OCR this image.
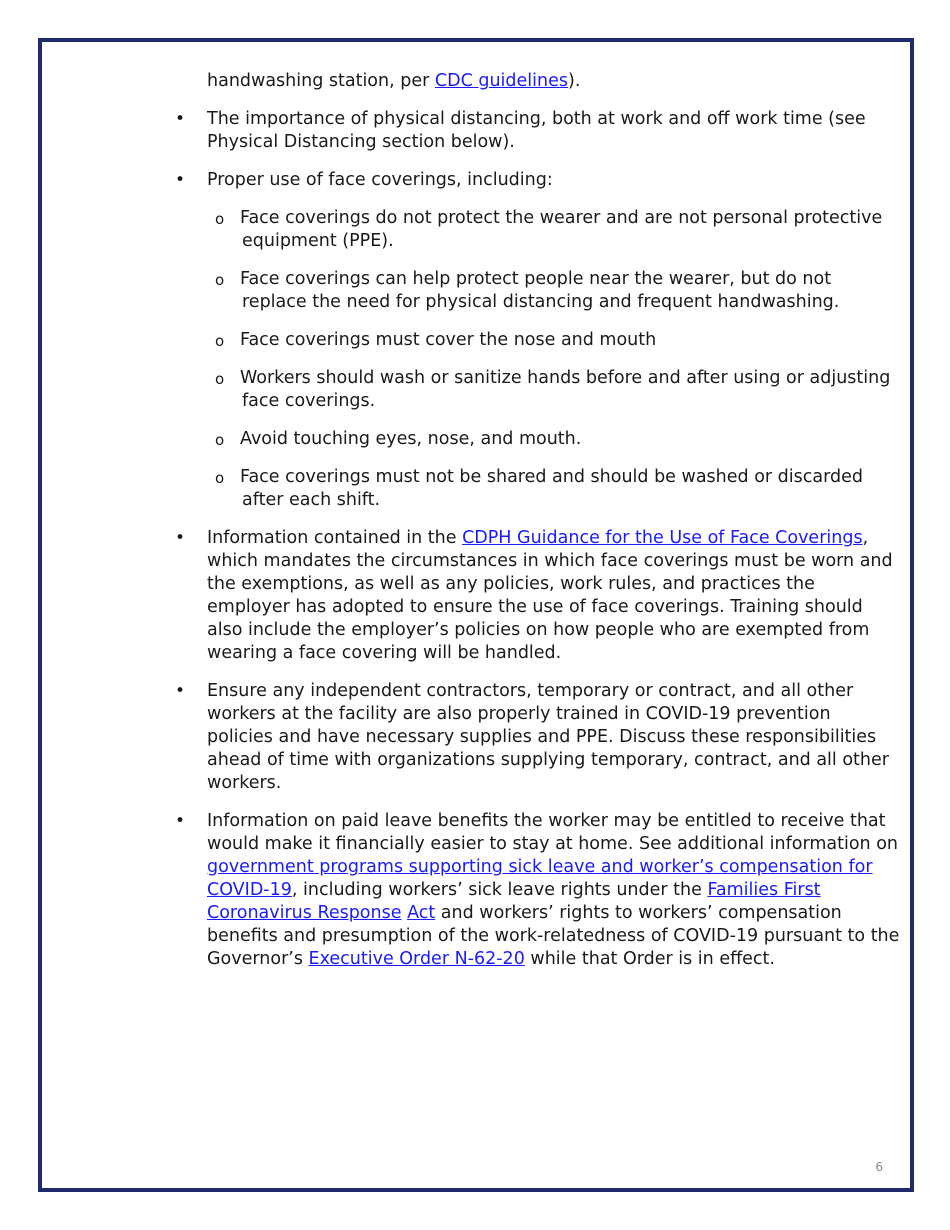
handwashing station, per CDC guidelines).

• The importance of physical distancing, both at work and off work time (see Physical Distancing section below).

• Proper use of face coverings, including:

o Face coverings do not protect the wearer and are not personal protective equipment (PPE).
o Face coverings can help protect people near the wearer, but do not replace the need for physical distancing and frequent handwashing.
o Face coverings must cover the nose and mouth
o Workers should wash or sanitize hands before and after using or adjusting face coverings.
o Avoid touching eyes, nose, and mouth.
o Face coverings must not be shared and should be washed or discarded after each shift.
• Information contained in the CDPH Guidance for the Use of Face Coverings, which mandates the circumstances in which face coverings must be worn and the exemptions, as well as any policies, work rules, and practices the employer has adopted to ensure the use of face coverings. Training should also include the employer’s policies on how people who are exempted from wearing a face covering will be handled.

• Ensure any independent contractors, temporary or contract, and all other workers at the facility are also properly trained in COVID-19 prevention policies and have necessary supplies and PPE. Discuss these responsibilities ahead of time with organizations supplying temporary, contract, and all other workers.

• Information on paid leave benefits the worker may be entitled to receive that would make it financially easier to stay at home. See additional information on government programs supporting sick leave and worker’s compensation for COVID-19, including workers’ sick leave rights under the Families First Coronavirus Response Act and workers’ rights to workers’ compensation benefits and presumption of the work-relatedness of COVID-19 pursuant to the Governor’s Executive Order N-62-20 while that Order is in effect.

6
